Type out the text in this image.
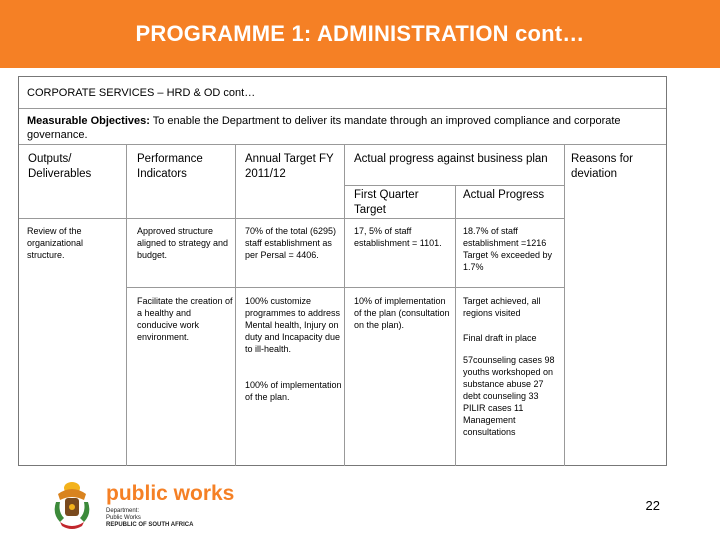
PROGRAMME 1: ADMINISTRATION cont…
CORPORATE SERVICES – HRD & OD cont…
Measurable Objectives: To enable the Department to deliver its mandate through an improved compliance and corporate governance.
Outputs/ Deliverables
Performance Indicators
Annual Target FY 2011/12
Actual progress against business plan
First Quarter Target
Actual Progress
Reasons for deviation
Review of the organizational structure.
Approved structure aligned to strategy and budget.
70% of the total (6295) staff establishment as per Persal = 4406.
17, 5% of staff establishment = 1101.
18.7% of staff establishment =1216 Target % exceeded by 1.7%
Facilitate the creation of a healthy and conducive work environment.
100% customize programmes to address Mental health, Injury on duty and Incapacity due to ill-health.
100% of implementation of the plan.
10% of implementation of the plan (consultation on the plan).
Target achieved, all regions visited
Final draft in place
57counseling cases 98 youths workshoped on substance abuse 27 debt counseling 33 PILIR cases 11 Management consultations
public works
Department:
Public Works
REPUBLIC OF SOUTH AFRICA
22
